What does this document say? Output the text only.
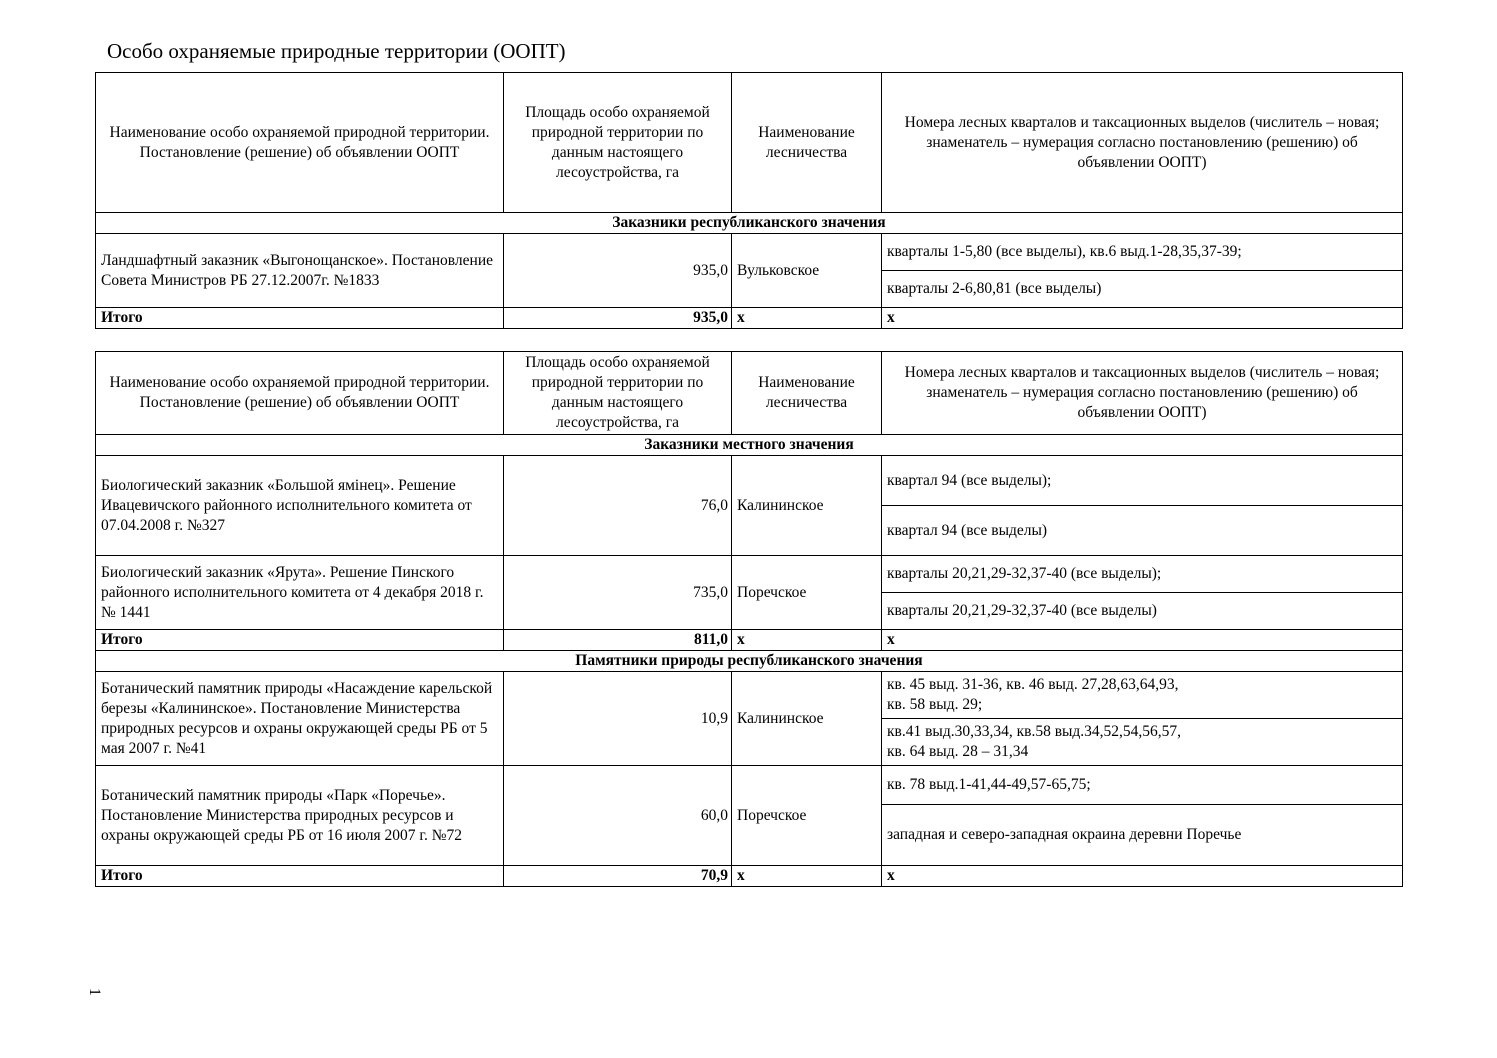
Особо охраняемые природные территории (ООПТ)
Наименование особо охраняемой природной территории. Постановление (решение) об объявлении ООПТ	Площадь особо охраняемой природной территории по данным настоящего лесоустройства, га	Наименование лесничества	Номера лесных кварталов и таксационных выделов (числитель – новая; знаменатель – нумерация согласно постановлению (решению) об объявлении ООПТ)
Заказники республиканского значения			
Ландшафтный заказник «Выгонощанское». Постановление Совета Министров РБ 27.12.2007г. №1833	935,0	Вульковское	кварталы 1-5,80 (все выделы), кв.6 выд.1-28,35,37-39;
			кварталы 2-6,80,81 (все выделы)
Итого	935,0	х	х
Наименование особо охраняемой природной территории. Постановление (решение) об объявлении ООПТ	Площадь особо охраняемой природной территории по данным настоящего лесоустройства, га	Наименование лесничества	Номера лесных кварталов и таксационных выделов (числитель – новая; знаменатель – нумерация согласно постановлению (решению) об объявлении ООПТ)
Заказники местного значения			
Биологический заказник «Большой ямінец». Решение Ивацевичского районного исполнительного комитета от 07.04.2008 г. №327	76,0	Калининское	квартал 94 (все выделы);
			квартал 94 (все выделы)
Биологический заказник «Ярута». Решение Пинского районного исполнительного комитета от 4 декабря 2018 г. № 1441	735,0	Поречское	кварталы 20,21,29-32,37-40 (все выделы);
			кварталы 20,21,29-32,37-40 (все выделы)
Итого	811,0	х	х
Памятники природы республиканского значения			
Ботанический памятник природы «Насаждение карельской березы «Калининское». Постановление Министерства природных ресурсов и охраны окружающей среды РБ от 5 мая 2007 г. №41	10,9	Калининское	кв. 45 выд. 31-36, кв. 46 выд. 27,28,63,64,93,
кв. 58 выд. 29;
			кв.41 выд.30,33,34, кв.58 выд.34,52,54,56,57,
кв. 64 выд. 28 – 31,34
Ботанический памятник природы «Парк «Поречье». Постановление Министерства природных ресурсов и охраны окружающей среды РБ от 16 июля 2007 г. №72	60,0	Поречское	кв. 78 выд.1-41,44-49,57-65,75;
			западная и северо-западная окраина деревни Поречье
Итого	70,9	х	х
1
